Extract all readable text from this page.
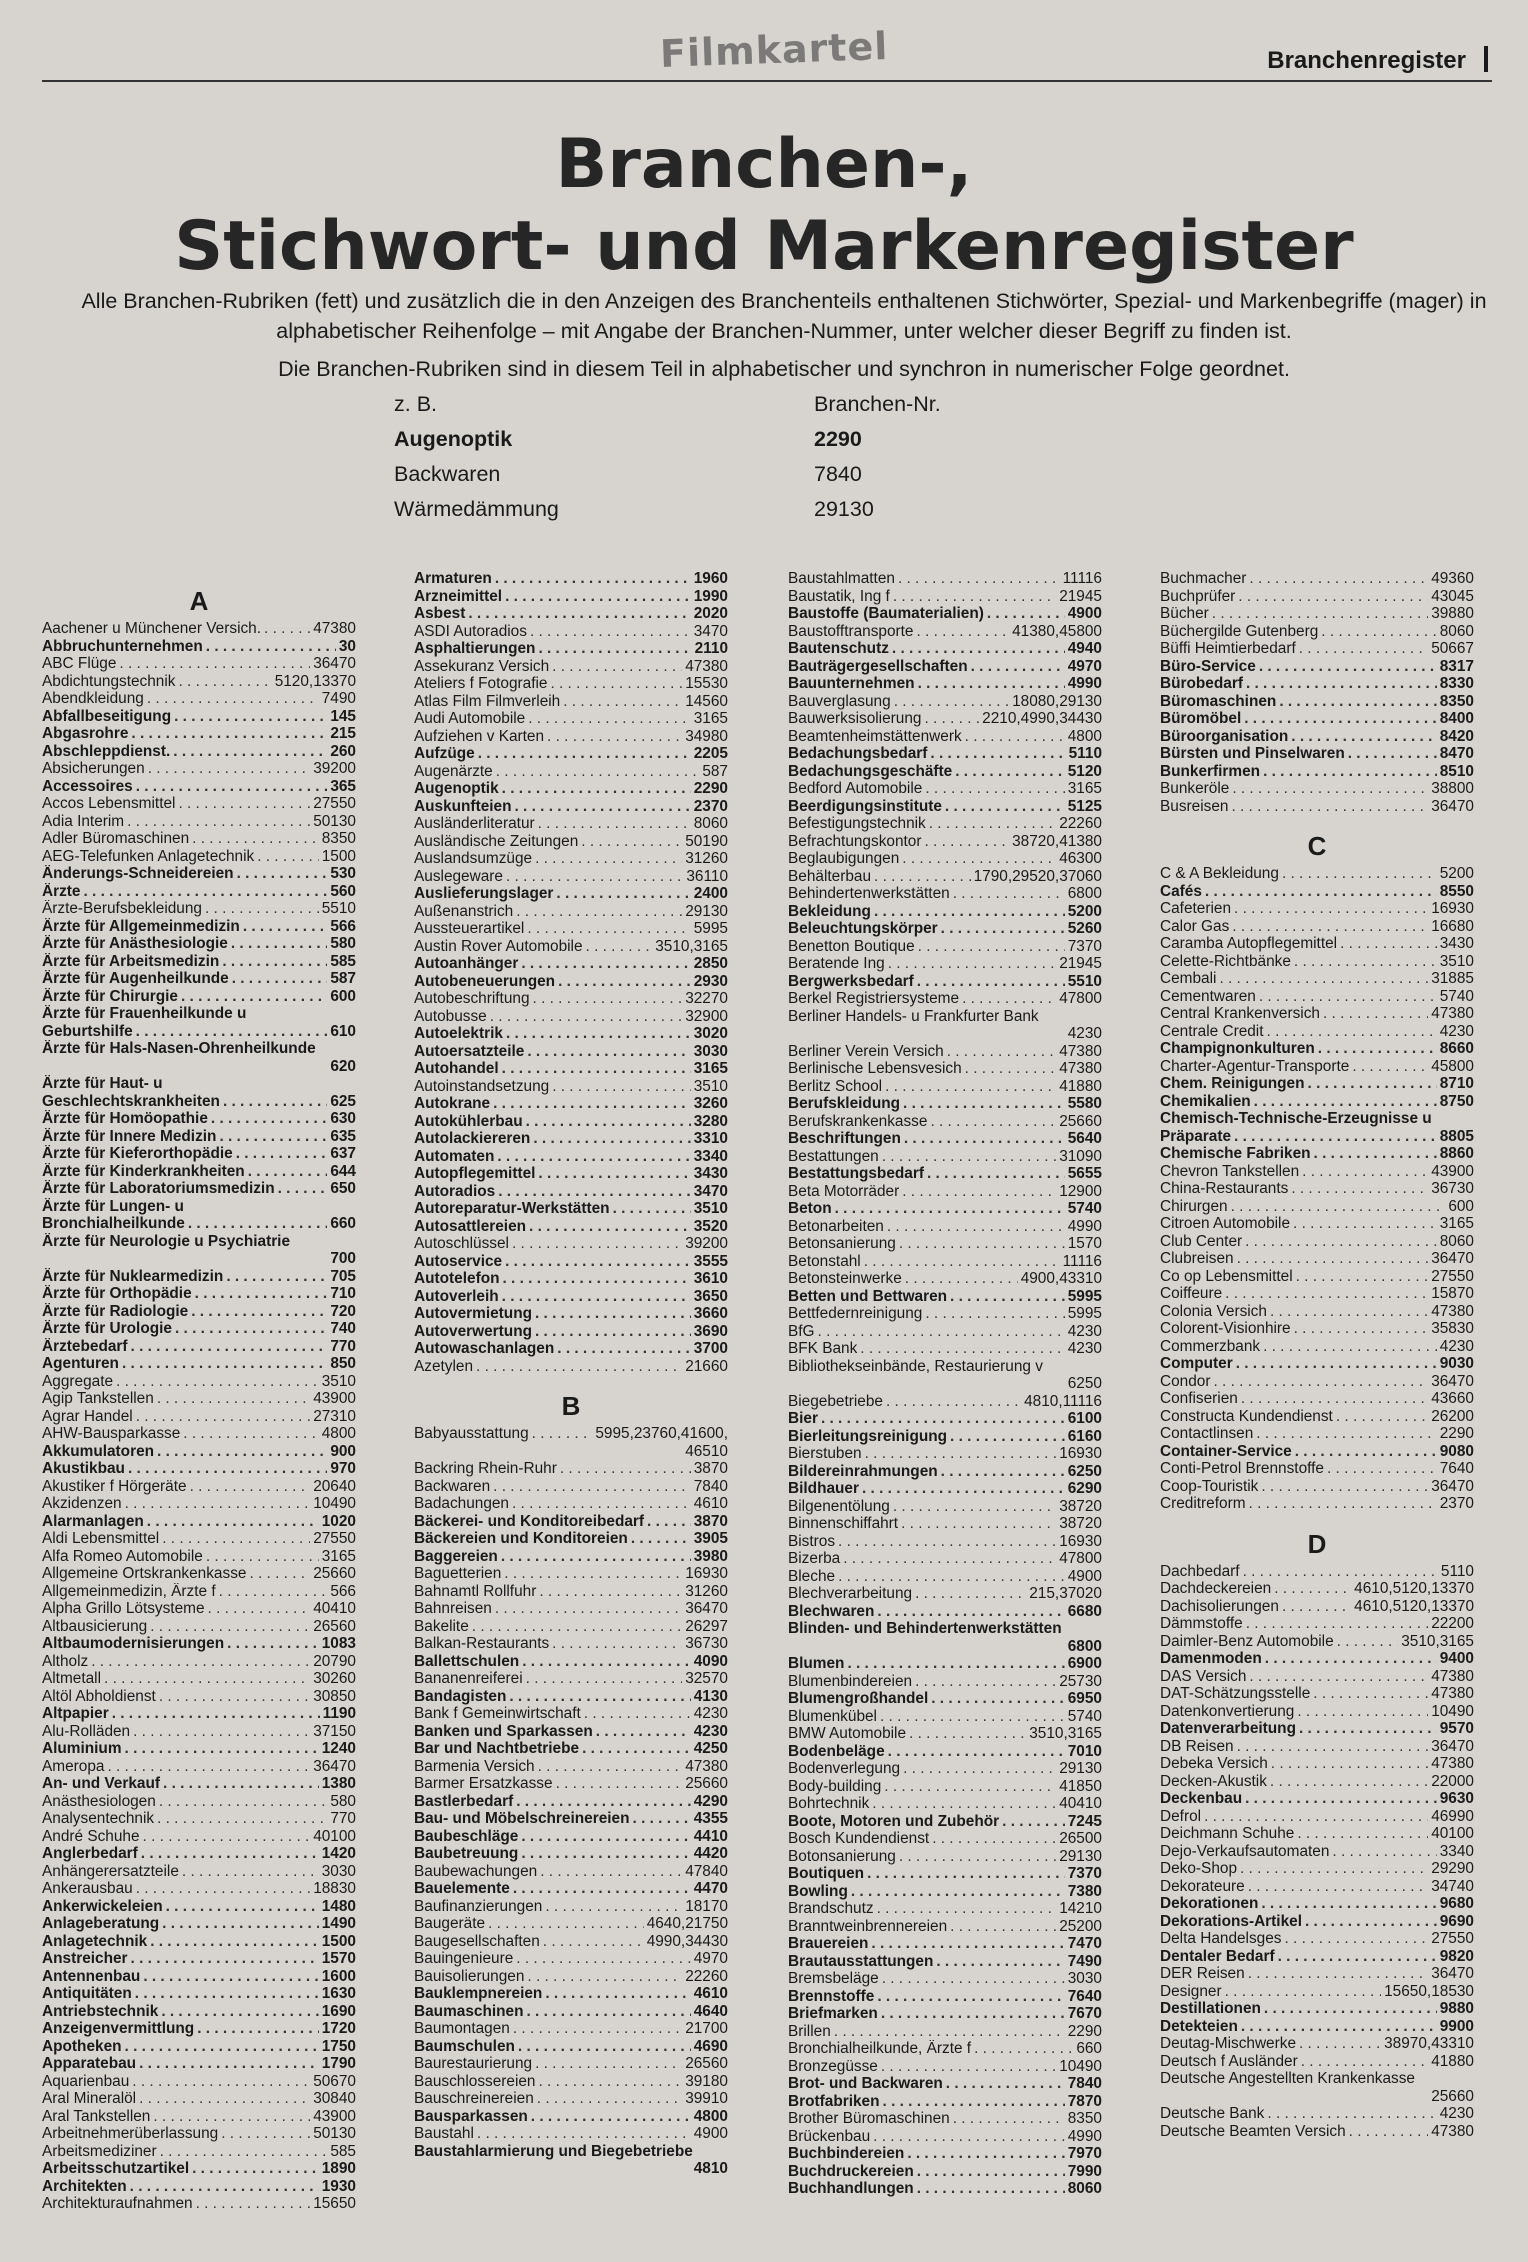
Filmkartel	Branchenregister
Branchen-,
Stichwort- und Markenregister
Alle Branchen-Rubriken (fett) und zusätzlich die in den Anzeigen des Branchenteils enthaltenen Stichwörter, Spezial- und Markenbegriffe (mager) in alphabetischer Reihenfolge – mit Angabe der Branchen-Nummer, unter welcher dieser Begriff zu finden ist.
Die Branchen-Rubriken sind in diesem Teil in alphabetischer und synchron in numerischer Folge geordnet.
z. B.	Branchen-Nr.
Augenoptik	2290
Backwaren	7840
Wärmedämmung	29130
A
Aachener u Münchener Versich. . . .	47380
Abbruchunternehmen . . .	30
ABC Flüge . . .	36470
Abdichtungstechnik . . .	5120,13370
Abendkleidung . . .	7490
Abfallbeseitigung . . .	145
Abgasrohre . . .	215
Abschleppdienst. . . .	260
Absicherungen . . .	39200
Accessoires . . .	365
Accos Lebensmittel . . .	27550
Adia Interim . . .	50130
Adler Büromaschinen . . .	8350
AEG-Telefunken Anlagetechnik . . .	1500
Änderungs-Schneidereien . . .	530
Ärzte . . .	560
Ärzte-Berufsbekleidung . . .	5510
Ärzte für Allgemeinmedizin . . .	566
Ärzte für Anästhesiologie . . .	580
Ärzte für Arbeitsmedizin . . .	585
Ärzte für Augenheilkunde . . .	587
Ärzte für Chirurgie . . .	600
Ärzte für Frauenheilkunde u
Geburtshilfe . . .	610
Ärzte für Hals-Nasen-Ohrenheilkunde
620
Ärzte für Haut- u
Geschlechtskrankheiten . . .	625
Ärzte für Homöopathie . . .	630
Ärzte für Innere Medizin . . .	635
Ärzte für Kieferorthopädie . . .	637
Ärzte für Kinderkrankheiten . . .	644
Ärzte für Laboratoriumsmedizin . . .	650
Ärzte für Lungen- u
Bronchialheilkunde . . .	660
Ärzte für Neurologie u Psychiatrie
700
Ärzte für Nuklearmedizin . . .	705
Ärzte für Orthopädie . . .	710
Ärzte für Radiologie . . .	720
Ärzte für Urologie . . .	740
Ärztebedarf . . .	770
Agenturen . . .	850
Aggregate . . .	3510
Agip Tankstellen . . .	43900
Agrar Handel . . .	27310
AHW-Bausparkasse . . .	4800
Akkumulatoren . . .	900
Akustikbau . . .	970
Akustiker f Hörgeräte . . .	20640
Akzidenzen . . .	10490
Alarmanlagen . . .	1020
Aldi Lebensmittel . . .	27550
Alfa Romeo Automobile . . .	3165
Allgemeine Ortskrankenkasse . . .	25660
Allgemeinmedizin, Ärzte f . . .	566
Alpha Grillo Lötsysteme . . .	40410
Altbausicierung . . .	26560
Altbaumodernisierungen . . .	1083
Altholz . . .	20790
Altmetall . . .	30260
Altöl Abholdienst . . .	30850
Altpapier . . .	1190
Alu-Rolläden . . .	37150
Aluminium . . .	1240
Ameropa . . .	36470
An- und Verkauf . . .	1380
Anästhesiologen . . .	580
Analysentechnik . . .	770
André Schuhe . . .	40100
Anglerbedarf . . .	1420
Anhängerersatzteile . . .	3030
Ankerausbau . . .	18830
Ankerwickeleien . . .	1480
Anlageberatung . . .	1490
Anlagetechnik . . .	1500
Anstreicher . . .	1570
Antennenbau . . .	1600
Antiquitäten . . .	1630
Antriebstechnik . . .	1690
Anzeigenvermittlung . . .	1720
Apotheken . . .	1750
Apparatebau . . .	1790
Aquarienbau . . .	50670
Aral Mineralöl . . .	30840
Aral Tankstellen . . .	43900
Arbeitnehmerüberlassung . . .	50130
Arbeitsmediziner . . .	585
Arbeitsschutzartikel . . .	1890
Architekten . . .	1930
Architekturaufnahmen . . .	15650
Armaturen . . .	1960
Arzneimittel . . .	1990
Asbest . . .	2020
ASDI Autoradios . . .	3470
Asphaltierungen . . .	2110
Assekuranz Versich . . .	47380
Ateliers f Fotografie . . .	15530
Atlas Film Filmverleih . . .	14560
Audi Automobile . . .	3165
Aufziehen v Karten . . .	34980
Aufzüge . . .	2205
Augenärzte . . .	587
Augenoptik . . .	2290
Auskunfteien . . .	2370
Ausländerliteratur . . .	8060
Ausländische Zeitungen . . .	50190
Auslandsumzüge . . .	31260
Auslegeware . . .	36110
Auslieferungslager . . .	2400
Außenanstrich . . .	29130
Aussteuerartikel . . .	5995
Austin Rover Automobile . . .	3510,3165
Autoanhänger . . .	2850
Autobeneuerungen . . .	2930
Autobeschriftung . . .	32270
Autobusse . . .	32900
Autoelektrik . . .	3020
Autoersatzteile . . .	3030
Autohandel . . .	3165
Autoinstandsetzung . . .	3510
Autokrane . . .	3260
Autokühlerbau . . .	3280
Autolackiereren . . .	3310
Automaten . . .	3340
Autopflegemittel . . .	3430
Autoradios . . .	3470
Autoreparatur-Werkstätten . . .	3510
Autosattlereien . . .	3520
Autoschlüssel . . .	39200
Autoservice . . .	3555
Autotelefon . . .	3610
Autoverleih . . .	3650
Autovermietung . . .	3660
Autoverwertung . . .	3690
Autowaschanlagen . . .	3700
Azetylen . . .	21660
B
Babyausstattung . . .	5995,23760,41600,
46510
Backring Rhein-Ruhr . . .	3870
Backwaren . . .	7840
Badachungen . . .	4610
Bäckerei- und Konditoreibedarf . . .	3870
Bäckereien und Konditoreien . . .	3905
Baggereien . . .	3980
Baguetterien . . .	16930
Bahnamtl Rollfuhr . . .	31260
Bahnreisen . . .	36470
Bakelite . . .	26297
Balkan-Restaurants . . .	36730
Ballettschulen . . .	4090
Bananenreiferei . . .	32570
Bandagisten . . .	4130
Bank f Gemeinwirtschaft . . .	4230
Banken und Sparkassen . . .	4230
Bar und Nachtbetriebe . . .	4250
Barmenia Versich . . .	47380
Barmer Ersatzkasse . . .	25660
Bastlerbedarf . . .	4290
Bau- und Möbelschreinereien . . .	4355
Baubeschläge . . .	4410
Baubetreuung . . .	4420
Baubewachungen . . .	47840
Bauelemente . . .	4470
Baufinanzierungen . . .	18170
Baugeräte . . .	4640,21750
Baugesellschaften . . .	4990,34430
Bauingenieure . . .	4970
Bauisolierungen . . .	22260
Bauklempnereien . . .	4610
Baumaschinen . . .	4640
Baumontagen . . .	21700
Baumschulen . . .	4690
Baurestaurierung . . .	26560
Bauschlossereien . . .	39180
Bauschreinereien . . .	39910
Bausparkassen . . .	4800
Baustahl . . .	4900
Baustahlarmierung und Biegebetriebe
4810
Baustahlmatten . . .	11116
Baustatik, Ing f . . .	21945
Baustoffe (Baumaterialien) . . .	4900
Baustofftransporte . . .	41380,45800
Bautenschutz . . .	4940
Bauträgergesellschaften . . .	4970
Bauunternehmen . . .	4990
Bauverglasung . . .	18080,29130
Bauwerksisolierung . . .	2210,4990,34430
Beamtenheimstättenwerk . . .	4800
Bedachungsbedarf . . .	5110
Bedachungsgeschäfte . . .	5120
Bedford Automobile . . .	3165
Beerdigungsinstitute . . .	5125
Befestigungstechnik . . .	22260
Befrachtungskontor . . .	38720,41380
Beglaubigungen . . .	46300
Behälterbau . . .	1790,29520,37060
Behindertenwerkstätten . . .	6800
Bekleidung . . .	5200
Beleuchtungskörper . . .	5260
Benetton Boutique . . .	7370
Beratende Ing . . .	21945
Bergwerksbedarf . . .	5510
Berkel Registriersysteme . . .	47800
Berliner Handels- u Frankfurter Bank
4230
Berliner Verein Versich . . .	47380
Berlinische Lebensvesich . . .	47380
Berlitz School . . .	41880
Berufskleidung . . .	5580
Berufskrankenkasse . . .	25660
Beschriftungen . . .	5640
Bestattungen . . .	31090
Bestattungsbedarf . . .	5655
Beta Motorräder . . .	12900
Beton . . .	5740
Betonarbeiten . . .	4990
Betonsanierung . . .	1570
Betonstahl . . .	11116
Betonsteinwerke . . .	4900,43310
Betten und Bettwaren . . .	5995
Bettfedernreinigung . . .	5995
BfG . . .	4230
BFK Bank . . .	4230
Bibliothekseinbände, Restaurierung v
6250
Biegebetriebe . . .	4810,11116
Bier . . .	6100
Bierleitungsreinigung . . .	6160
Bierstuben . . .	16930
Bildereinrahmungen . . .	6250
Bildhauer . . .	6290
Bilgenentölung . . .	38720
Binnenschiffahrt . . .	38720
Bistros . . .	16930
Bizerba . . .	47800
Bleche . . .	4900
Blechverarbeitung . . .	215,37020
Blechwaren . . .	6680
Blinden- und Behindertenwerkstätten
6800
Blumen . . .	6900
Blumenbindereien . . .	25730
Blumengroßhandel . . .	6950
Blumenkübel . . .	5740
BMW Automobile . . .	3510,3165
Bodenbeläge . . .	7010
Bodenverlegung . . .	29130
Body-building . . .	41850
Bohrtechnik . . .	40410
Boote, Motoren und Zubehör . . .	7245
Bosch Kundendienst . . .	26500
Botonsanierung . . .	29130
Boutiquen . . .	7370
Bowling . . .	7380
Brandschutz . . .	14210
Branntweinbrennereien . . .	25200
Brauereien . . .	7470
Brautausstattungen . . .	7490
Bremsbeläge . . .	3030
Brennstoffe . . .	7640
Briefmarken . . .	7670
Brillen . . .	2290
Bronchialheilkunde, Ärzte f . . .	660
Bronzegüsse . . .	10490
Brot- und Backwaren . . .	7840
Brotfabriken . . .	7870
Brother Büromaschinen . . .	8350
Brückenbau . . .	4990
Buchbindereien . . .	7970
Buchdruckereien . . .	7990
Buchhandlungen . . .	8060
Buchmacher . . .	49360
Buchprüfer . . .	43045
Bücher . . .	39880
Büchergilde Gutenberg . . .	8060
Büffi Heimtierbedarf . . .	50667
Büro-Service . . .	8317
Bürobedarf . . .	8330
Büromaschinen . . .	8350
Büromöbel . . .	8400
Büroorganisation . . .	8420
Bürsten und Pinselwaren . . .	8470
Bunkerfirmen . . .	8510
Bunkeröle . . .	38800
Busreisen . . .	36470
C
C & A Bekleidung . . .	5200
Cafés . . .	8550
Cafeterien . . .	16930
Calor Gas . . .	16680
Caramba Autopflegemittel . . .	3430
Celette-Richtbänke . . .	3510
Cembali . . .	31885
Cementwaren . . .	5740
Central Krankenversich . . .	47380
Centrale Credit . . .	4230
Champignonkulturen . . .	8660
Charter-Agentur-Transporte . . .	45800
Chem. Reinigungen . . .	8710
Chemikalien . . .	8750
Chemisch-Technische-Erzeugnisse u
Präparate . . .	8805
Chemische Fabriken . . .	8860
Chevron Tankstellen . . .	43900
China-Restaurants . . .	36730
Chirurgen . . .	600
Citroen Automobile . . .	3165
Club Center . . .	8060
Clubreisen . . .	36470
Co op Lebensmittel . . .	27550
Coiffeure . . .	15870
Colonia Versich . . .	47380
Colorent-Visionhire . . .	35830
Commerzbank . . .	4230
Computer . . .	9030
Condor . . .	36470
Confiserien . . .	43660
Constructa Kundendienst . . .	26200
Contactlinsen . . .	2290
Container-Service . . .	9080
Conti-Petrol Brennstoffe . . .	7640
Coop-Touristik . . .	36470
Creditreform . . .	2370
D
Dachbedarf . . .	5110
Dachdeckereien . . .	4610,5120,13370
Dachisolierungen . . .	4610,5120,13370
Dämmstoffe . . .	22200
Daimler-Benz Automobile . . .	3510,3165
Damenmoden . . .	9400
DAS Versich . . .	47380
DAT-Schätzungsstelle . . .	47380
Datenkonvertierung . . .	10490
Datenverarbeitung . . .	9570
DB Reisen . . .	36470
Debeka Versich . . .	47380
Decken-Akustik . . .	22000
Deckenbau . . .	9630
Defrol . . .	46990
Deichmann Schuhe . . .	40100
Dejo-Verkaufsautomaten . . .	3340
Deko-Shop . . .	29290
Dekorateure . . .	34740
Dekorationen . . .	9680
Dekorations-Artikel . . .	9690
Delta Handelsges . . .	27550
Dentaler Bedarf . . .	9820
DER Reisen . . .	36470
Designer . . .	15650,18530
Destillationen . . .	9880
Detekteien . . .	9900
Deutag-Mischwerke . . .	38970,43310
Deutsch f Ausländer . . .	41880
Deutsche Angestellten Krankenkasse
25660
Deutsche Bank . . .	4230
Deutsche Beamten Versich . . .	47380
